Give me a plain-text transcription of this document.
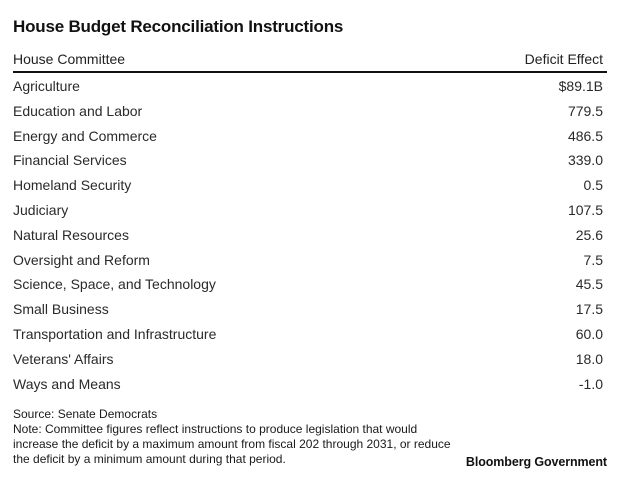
House Budget Reconciliation Instructions
House Committee	Deficit Effect
Agriculture	$89.1B
Education and Labor	779.5
Energy and Commerce	486.5
Financial Services	339.0
Homeland Security	0.5
Judiciary	107.5
Natural Resources	25.6
Oversight and Reform	7.5
Science, Space, and Technology	45.5
Small Business	17.5
Transportation and Infrastructure	60.0
Veterans' Affairs	18.0
Ways and Means	-1.0
Source: Senate Democrats
Note: Committee figures reflect instructions to produce legislation that would
increase the deficit by a maximum amount from fiscal 202 through 2031, or reduce
the deficit by a minimum amount during that period.	Bloomberg Government
